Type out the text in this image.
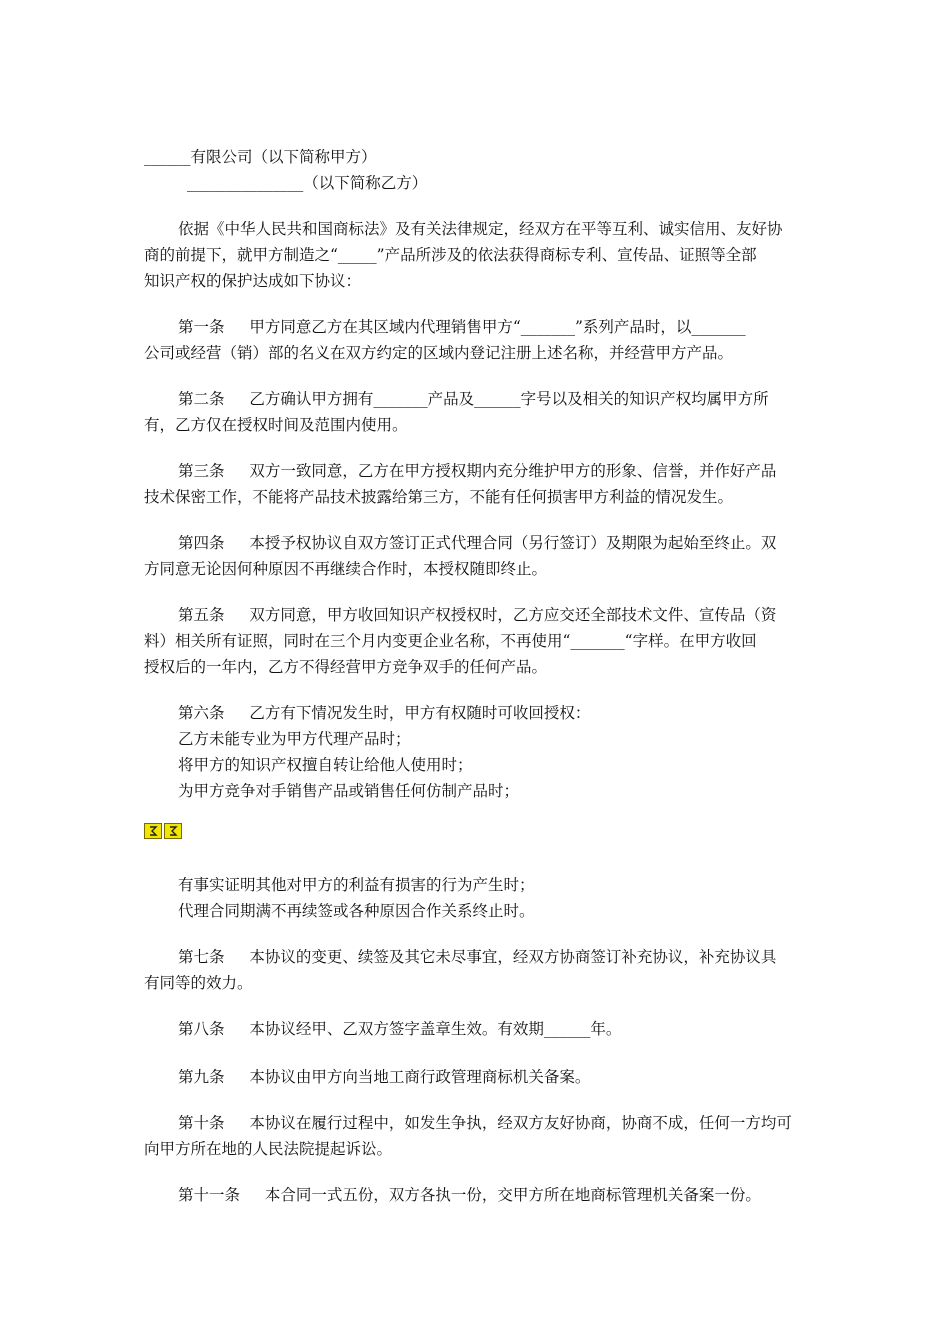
______有限公司（以下简称甲方）
_______________（以下简称乙方）
依据《中华人民共和国商标法》及有关法律规定，经双方在平等互利、诚实信用、友好协
商的前提下，就甲方制造之“_____”产品所涉及的依法获得商标专利、宣传品、证照等全部
知识产权的保护达成如下协议：
第一条 甲方同意乙方在其区域内代理销售甲方“_______”系列产品时，以_______
公司或经营（销）部的名义在双方约定的区域内登记注册上述名称，并经营甲方产品。
第二条 乙方确认甲方拥有_______产品及______字号以及相关的知识产权均属甲方所
有，乙方仅在授权时间及范围内使用。
第三条 双方一致同意，乙方在甲方授权期内充分维护甲方的形象、信誉，并作好产品
技术保密工作，不能将产品技术披露给第三方，不能有任何损害甲方利益的情况发生。
第四条 本授予权协议自双方签订正式代理合同（另行签订）及期限为起始至终止。双
方同意无论因何种原因不再继续合作时，本授权随即终止。
第五条 双方同意，甲方收回知识产权授权时，乙方应交还全部技术文件、宣传品（资
料）相关所有证照，同时在三个月内变更企业名称，不再使用“_______“字样。在甲方收回
授权后的一年内，乙方不得经营甲方竞争双手的任何产品。
第六条 乙方有下情况发生时，甲方有权随时可收回授权：
乙方未能专业为甲方代理产品时；
将甲方的知识产权擅自转让给他人使用时；
为甲方竞争对手销售产品或销售任何仿制产品时；
有事实证明其他对甲方的利益有损害的行为产生时；
代理合同期满不再续签或各种原因合作关系终止时。
第七条 本协议的变更、续签及其它未尽事宜，经双方协商签订补充协议，补充协议具
有同等的效力。
第八条 本协议经甲、乙双方签字盖章生效。有效期______年。
第九条 本协议由甲方向当地工商行政管理商标机关备案。
第十条 本协议在履行过程中，如发生争执，经双方友好协商，协商不成，任何一方均可
向甲方所在地的人民法院提起诉讼。
第十一条 本合同一式五份，双方各执一份，交甲方所在地商标管理机关备案一份。
